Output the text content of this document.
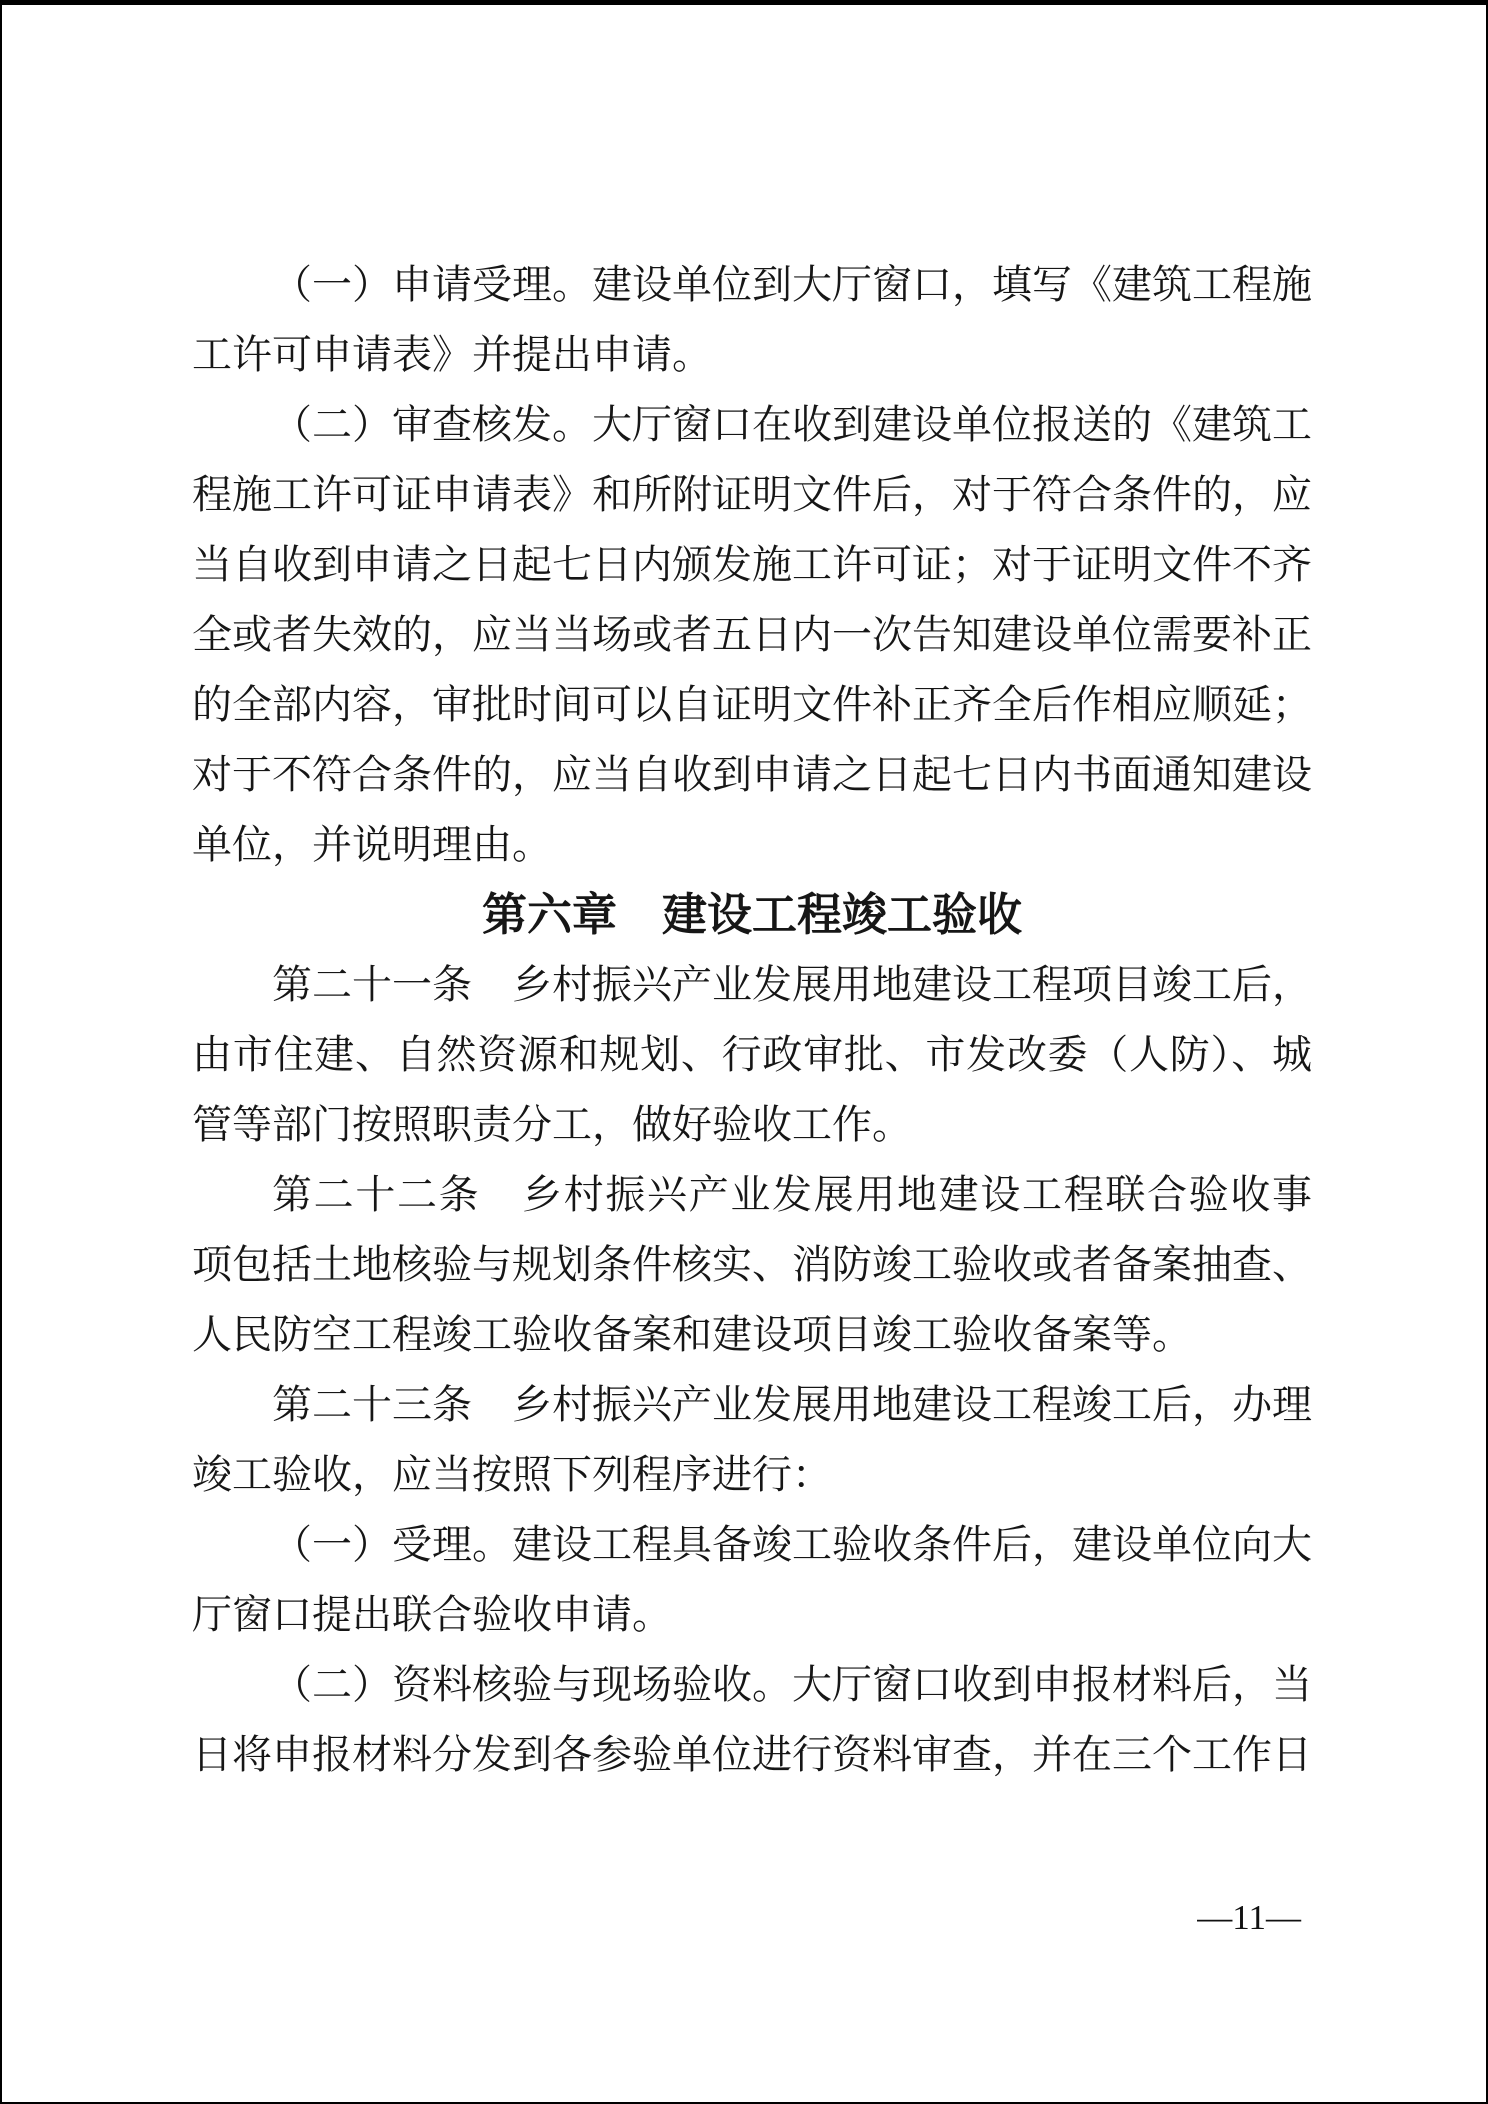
（一）申请受理。建设单位到大厅窗口，填写《建筑工程施

工许可申请表》并提出申请。

（二）审查核发。大厅窗口在收到建设单位报送的《建筑工

程施工许可证申请表》和所附证明文件后，对于符合条件的，应

当自收到申请之日起七日内颁发施工许可证；对于证明文件不齐

全或者失效的，应当当场或者五日内一次告知建设单位需要补正

的全部内容，审批时间可以自证明文件补正齐全后作相应顺延；

对于不符合条件的，应当自收到申请之日起七日内书面通知建设

单位，并说明理由。

第六章　建设工程竣工验收

第二十一条　乡村振兴产业发展用地建设工程项目竣工后，

由市住建、自然资源和规划、行政审批、市发改委（人防）、城

管等部门按照职责分工，做好验收工作。

第二十二条　乡村振兴产业发展用地建设工程联合验收事

项包括土地核验与规划条件核实、消防竣工验收或者备案抽查、

人民防空工程竣工验收备案和建设项目竣工验收备案等。

第二十三条　乡村振兴产业发展用地建设工程竣工后，办理

竣工验收，应当按照下列程序进行：

（一）受理。建设工程具备竣工验收条件后，建设单位向大

厅窗口提出联合验收申请。

（二）资料核验与现场验收。大厅窗口收到申报材料后，当

日将申报材料分发到各参验单位进行资料审查，并在三个工作日

—11—
